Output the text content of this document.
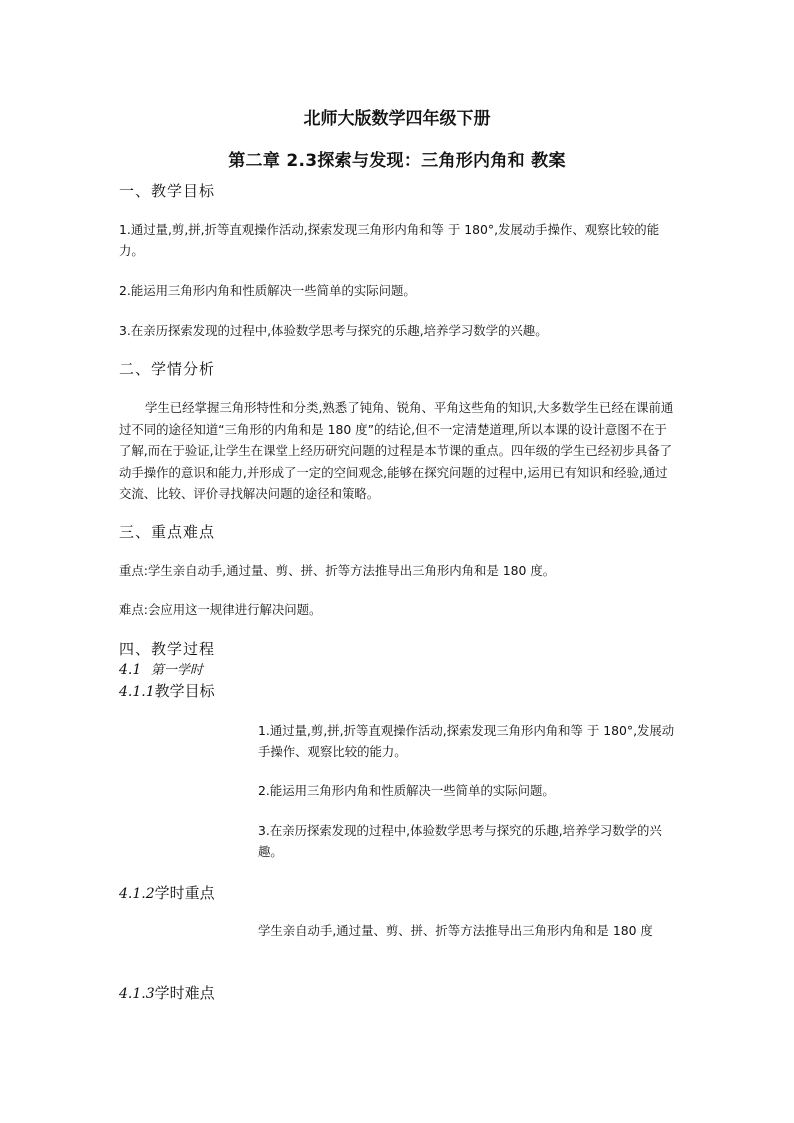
北师大版数学四年级下册
第二章 2.3探索与发现：三角形内角和 教案
一、教学目标
1.通过量,剪,拼,折等直观操作活动,探索发现三角形内角和等 于 180°,发展动手操作、观察比较的能力。
2.能运用三角形内角和性质解决一些简单的实际问题。
3.在亲历探索发现的过程中,体验数学思考与探究的乐趣,培养学习数学的兴趣。
二、学情分析
学生已经掌握三角形特性和分类,熟悉了钝角、锐角、平角这些角的知识,大多数学生已经在课前通过不同的途径知道“三角形的内角和是 180 度”的结论,但不一定清楚道理,所以本课的设计意图不在于了解,而在于验证,让学生在课堂上经历研究问题的过程是本节课的重点。四年级的学生已经初步具备了动手操作的意识和能力,并形成了一定的空间观念,能够在探究问题的过程中,运用已有知识和经验,通过交流、比较、评价寻找解决问题的途径和策略。
三、重点难点
重点:学生亲自动手,通过量、剪、拼、折等方法推导出三角形内角和是 180 度。
难点:会应用这一规律进行解决问题。
四、教学过程
4.1 第一学时
4.1.1教学目标
1.通过量,剪,拼,折等直观操作活动,探索发现三角形内角和等 于 180°,发展动手操作、观察比较的能力。
2.能运用三角形内角和性质解决一些简单的实际问题。
3.在亲历探索发现的过程中,体验数学思考与探究的乐趣,培养学习数学的兴趣。
4.1.2学时重点
学生亲自动手,通过量、剪、拼、折等方法推导出三角形内角和是 180 度
4.1.3学时难点
